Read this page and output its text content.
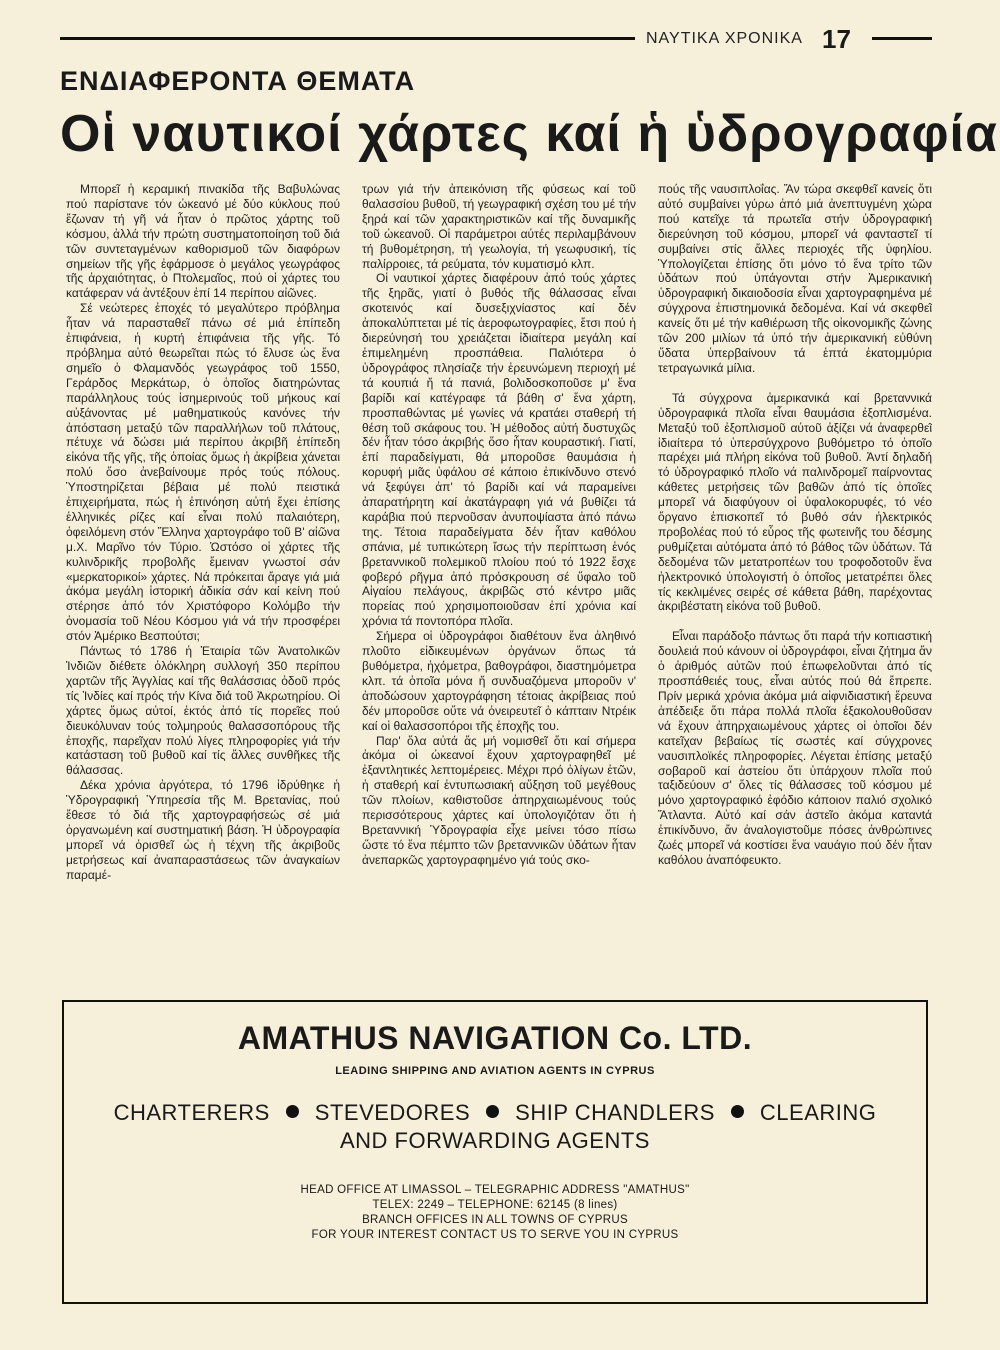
ΝΑΥΤΙΚΑ ΧΡΟΝΙΚΑ 17
ΕΝΔΙΑΦΕΡΟΝΤΑ ΘΕΜΑΤΑ
Οἱ ναυτικοί χάρτες καί ἡ ὑδρογραφία

Μπορεῖ ἡ κεραμική πινακίδα τῆς Βαβυλώνας πού παρίστανε τόν ὠκεανό μέ δύο κύκλους πού ἔζωναν τή γῆ νά ἦταν ὁ πρῶτος χάρτης τοῦ κόσμου, ἀλλά τήν πρώτη συστηματοποίηση τοῦ διά τῶν συντεταγμένων καθορισμοῦ τῶν διαφόρων σημείων τῆς γῆς ἐφάρμοσε ὁ μεγάλος γεωγράφος τῆς ἀρχαιότητας, ὁ Πτολεμαῖος, πού οἱ χάρτες του κατάφεραν νά ἀντέξουν ἐπί 14 περίπου αἰῶνες.

Σέ νεώτερες ἐποχές τό μεγαλύτερο πρόβλημα ἦταν νά παρασταθεῖ πάνω σέ μιά ἐπίπεδη ἐπιφάνεια, ἡ κυρτή ἐπιφάνεια τῆς γῆς. Τό πρόβλημα αὐτό θεωρεῖται πώς τό ἔλυσε ὡς ἕνα σημεῖο ὁ Φλαμανδός γεωγράφος τοῦ 1550, Γεράρδος Μερκάτωρ, ὁ ὁποῖος διατηρώντας παράλληλους τούς ἰσημερινούς τοῦ μήκους καί αὐξάνοντας μέ μαθηματικούς κανόνες τήν ἀπόσταση μεταξύ τῶν παραλλήλων τοῦ πλάτους, πέτυχε νά δώσει μιά περίπου ἀκριβῆ ἐπίπεδη εἰκόνα τῆς γῆς, τῆς ὁποίας ὅμως ἡ ἀκρίβεια χάνεται πολύ ὅσο ἀνεβαίνουμε πρός τούς πόλους. Ὑποστηρίζεται βέβαια μέ πολύ πειστικά ἐπιχειρήματα, πώς ἡ ἐπινόηση αὐτή ἔχει ἐπίσης ἑλληνικές ρίζες καί εἶναι πολύ παλαιότερη, ὀφειλόμενη στόν Ἕλληνα χαρτογράφο τοῦ Β' αἰῶνα μ.Χ. Μαρῖνο τόν Τύριο. Ὡστόσο οἱ χάρτες τῆς κυλινδρικῆς προβολῆς ἔμειναν γνωστοί σάν «μερκατορικοί» χάρτες. Νά πρόκειται ἄραγε γιά μιά ἀκόμα μεγάλη ἱστορική ἀδικία σάν καί κείνη πού στέρησε ἀπό τόν Χριστόφορο Κολόμβο τήν ὀνομασία τοῦ Νέου Κόσμου γιά νά τήν προσφέρει στόν Ἀμέρικο Βεσπούτσι;

Πάντως τό 1786 ἡ Ἑταιρία τῶν Ἀνατολικῶν Ἰνδιῶν διέθετε ὁλόκληρη συλλογή 350 περίπου χαρτῶν τῆς Ἀγγλίας καί τῆς θαλάσσιας ὁδοῦ πρός τίς Ἰνδίες καί πρός τήν Κίνα διά τοῦ Ἀκρωτηρίου. Οἱ χάρτες ὅμως αὐτοί, ἐκτός ἀπό τίς πορεῖες πού διευκόλυναν τούς τολμηρούς θαλασσοπόρους τῆς ἐποχῆς, παρεῖχαν πολύ λίγες πληροφορίες γιά τήν κατάσταση τοῦ βυθοῦ καί τίς ἄλλες συνθῆκες τῆς θάλασσας.

Δέκα χρόνια ἀργότερα, τό 1796 ἱδρύθηκε ἡ Ὑδρογραφική Ὑπηρεσία τῆς Μ. Βρετανίας, πού ἔθεσε τό διά τῆς χαρτογραφήσεώς σέ μιά ὀργανωμένη καί συστηματική βάση. Ἡ ὑδρογραφία μπορεῖ νά ὁρισθεῖ ὡς ἡ τέχνη τῆς ἀκριβοῦς μετρήσεως καί ἀναπαραστάσεως τῶν ἀναγκαίων παραμέ-

τρων γιά τήν ἀπεικόνιση τῆς φύσεως καί τοῦ θαλασσίου βυθοῦ, τή γεωγραφική σχέση του μέ τήν ξηρά καί τῶν χαρακτηριστικῶν καί τῆς δυναμικῆς τοῦ ὠκεανοῦ. Οἱ παράμετροι αὐτές περιλαμβάνουν τή βυθομέτρηση, τή γεωλογία, τή γεωφυσική, τίς παλίρροιες, τά ρεύματα, τόν κυματισμό κλπ.

Οἱ ναυτικοί χάρτες διαφέρουν ἀπό τούς χάρτες τῆς ξηρᾶς, γιατί ὁ βυθός τῆς θάλασσας εἶναι σκοτεινός καί δυσεξιχνίαστος καί δέν ἀποκαλύπτεται μέ τίς ἀεροφωτογραφίες, ἔτσι πού ἡ διερεύνησή του χρειάζεται ἰδιαίτερα μεγάλη καί ἐπιμελημένη προσπάθεια. Παλιότερα ὁ ὑδρογράφος πλησίαζε τήν ἐρευνώμενη περιοχή μέ τά κουπιά ἤ τά πανιά, βολιδοσκοποῦσε μ' ἕνα βαρίδι καί κατέγραφε τά βάθη σ' ἕνα χάρτη, προσπαθώντας μέ γωνίες νά κρατάει σταθερή τή θέση τοῦ σκάφους του. Ἡ μέθοδος αὐτή δυστυχῶς δέν ἦταν τόσο ἀκριβής ὅσο ἦταν κουραστική. Γιατί, ἐπί παραδείγματι, θά μποροῦσε θαυμάσια ἡ κορυφή μιᾶς ὑφάλου σέ κάποιο ἐπικίνδυνο στενό νά ξεφύγει ἀπ' τό βαρίδι καί νά παραμείνει ἀπαρατήρητη καί ἀκατάγραφη γιά νά βυθίζει τά καράβια πού περνοῦσαν ἀνυποψίαστα ἀπό πάνω της. Τέτοια παραδείγματα δέν ἦταν καθόλου σπάνια, μέ τυπικώτερη ἴσως τήν περίπτωση ἑνός βρεταννικοῦ πολεμικοῦ πλοίου πού τό 1922 ἔσχε φοβερό ρῆγμα ἀπό πρόσκρουση σέ ὕφαλο τοῦ Αἰγαίου πελάγους, ἀκριβῶς στό κέντρο μιᾶς πορείας πού χρησιμοποιοῦσαν ἐπί χρόνια καί χρόνια τά ποντοπόρα πλοῖα.

Σήμερα οἱ ὑδρογράφοι διαθέτουν ἕνα ἀληθινό πλοῦτο εἰδικευμένων ὀργάνων ὅπως τά βυθόμετρα, ἠχόμετρα, βαθογράφοι, διαστημόμετρα κλπ. τά ὁποῖα μόνα ἤ συνδυαζόμενα μποροῦν ν' ἀποδώσουν χαρτογράφηση τέτοιας ἀκρίβειας πού δέν μποροῦσε οὔτε νά ὀνειρευτεῖ ὁ κάπταιν Ντρέικ καί οἱ θαλασσοπόροι τῆς ἐποχῆς του.

Παρ' ὅλα αὐτά ἄς μή νομισθεῖ ὅτι καί σήμερα ἀκόμα οἱ ὠκεανοί ἔχουν χαρτογραφηθεῖ μέ ἐξαντλητικές λεπτομέρειες. Μέχρι πρό ὀλίγων ἐτῶν, ἡ σταθερή καί ἐντυπωσιακή αὔξηση τοῦ μεγέθους τῶν πλοίων, καθιστοῦσε ἀπηρχαιωμένους τούς περισσότερους χάρτες καί ὑπολογιζόταν ὅτι ἡ Βρεταννική Ὑδρογραφία εἶχε μείνει τόσο πίσω ὥστε τό ἕνα πέμπτο τῶν βρεταννικῶν ὑδάτων ἦταν ἀνεπαρκῶς χαρτογραφημένο γιά τούς σκο-

πούς τῆς ναυσιπλοΐας. Ἄν τώρα σκεφθεῖ κανείς ὅτι αὐτό συμβαίνει γύρω ἀπό μιά ἀνεπτυγμένη χώρα πού κατεῖχε τά πρωτεῖα στήν ὑδρογραφική διερεύνηση τοῦ κόσμου, μπορεῖ νά φανταστεῖ τί συμβαίνει στίς ἄλλες περιοχές τῆς ὑφηλίου. Ὑπολογίζεται ἐπίσης ὅτι μόνο τό ἕνα τρίτο τῶν ὑδάτων πού ὑπάγονται στήν Ἀμερικανική ὑδρογραφική δικαιοδοσία εἶναι χαρτογραφημένα μέ σύγχρονα ἐπιστημονικά δεδομένα. Καί νά σκεφθεῖ κανείς ὅτι μέ τήν καθιέρωση τῆς οἰκονομικῆς ζώνης τῶν 200 μιλίων τά ὑπό τήν ἀμερικανική εὐθύνη ὕδατα ὑπερβαίνουν τά ἑπτά ἑκατομμύρια τετραγωνικά μίλια.

Τά σύγχρονα ἀμερικανικά καί βρεταννικά ὑδρογραφικά πλοῖα εἶναι θαυμάσια ἐξοπλισμένα. Μεταξύ τοῦ ἐξοπλισμοῦ αὐτοῦ ἀξίζει νά ἀναφερθεῖ ἰδιαίτερα τό ὑπερσύγχρονο βυθόμετρο τό ὁποῖο παρέχει μιά πλήρη εἰκόνα τοῦ βυθοῦ. Ἀντί δηλαδή τό ὑδρογραφικό πλοῖο νά παλινδρομεῖ παίρνοντας κάθετες μετρήσεις τῶν βαθῶν ἀπό τίς ὁποῖες μπορεῖ νά διαφύγουν οἱ ὑφαλοκορυφές, τό νέο ὄργανο ἐπισκοπεῖ τό βυθό σάν ἠλεκτρικός προβολέας πού τό εὖρος τῆς φωτεινῆς του δέσμης ρυθμίζεται αὐτόματα ἀπό τό βάθος τῶν ὑδάτων. Τά δεδομένα τῶν μετατροπέων του τροφοδοτοῦν ἕνα ἠλεκτρονικό ὑπολογιστή ὁ ὁποῖος μετατρέπει ὅλες τίς κεκλιμένες σειρές σέ κάθετα βάθη, παρέχοντας ἀκριβέστατη εἰκόνα τοῦ βυθοῦ.

Εἶναι παράδοξο πάντως ὅτι παρά τήν κοπιαστική δουλειά πού κάνουν οἱ ὑδρογράφοι, εἶναι ζήτημα ἄν ὁ ἀριθμός αὐτῶν πού ἐπωφελοῦνται ἀπό τίς προσπάθειές τους, εἶναι αὐτός πού θά ἔπρεπε. Πρίν μερικά χρόνια ἀκόμα μιά αἰφνιδιαστική ἔρευνα ἀπέδειξε ὅτι πάρα πολλά πλοῖα ἐξακολουθοῦσαν νά ἔχουν ἀπηρχαιωμένους χάρτες οἱ ὁποῖοι δέν κατεῖχαν βεβαίως τίς σωστές καί σύγχρονες ναυσιπλοϊκές πληροφορίες. Λέγεται ἐπίσης μεταξύ σοβαροῦ καί ἀστείου ὅτι ὑπάρχουν πλοῖα πού ταξιδεύουν σ' ὅλες τίς θάλασσες τοῦ κόσμου μέ μόνο χαρτογραφικό ἐφόδιο κάποιον παλιό σχολικό Ἄτλαντα. Αὐτό καί σάν ἀστεῖο ἀκόμα κατανtά ἐπικίνδυνο, ἄν ἀναλογιστοῦμε πόσες ἀνθρώπινες ζωές μπορεῖ νά κοστίσει ἕνα ναυάγιο πού δέν ἦταν καθόλου ἀναπόφευκτο.

AMATHUS NAVIGATION Co. LTD.
LEADING SHIPPING AND AVIATION AGENTS IN CYPRUS
CHARTERERS STEVEDORES SHIP CHANDLERS CLEARING
AND FORWARDING AGENTS
HEAD OFFICE AT LIMASSOL – TELEGRAPHIC ADDRESS "AMATHUS"
TELEX: 2249 – TELEPHONE: 62145 (8 lines)
BRANCH OFFICES IN ALL TOWNS OF CYPRUS
FOR YOUR INTEREST CONTACT US TO SERVE YOU IN CYPRUS
